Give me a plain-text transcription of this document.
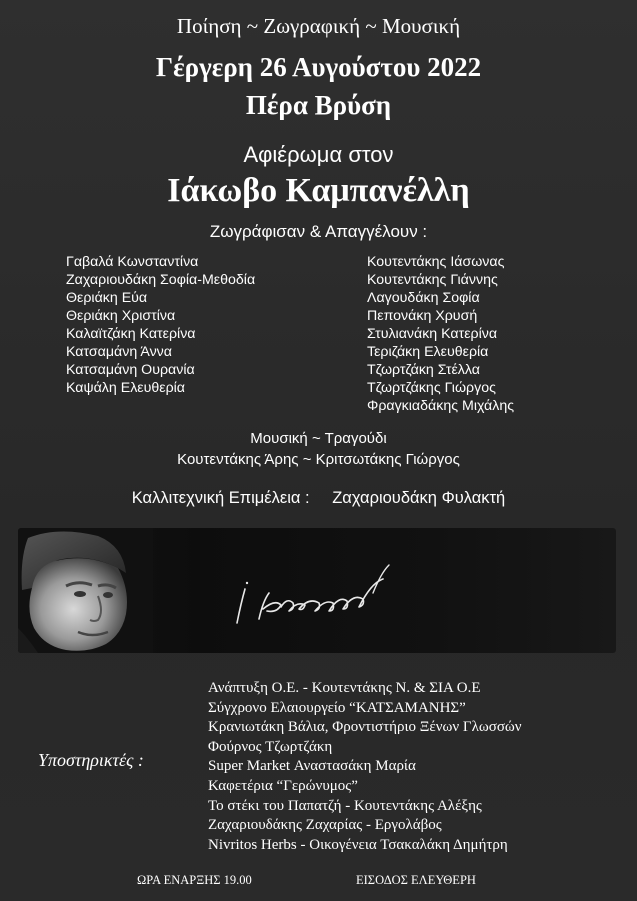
Ποίηση ~ Ζωγραφική ~ Μουσική
Γέργερη 26 Αυγούστου 2022
Πέρα Βρύση
Αφιέρωμα στον
Ιάκωβο Καμπανέλλη
Ζωγράφισαν & Απαγγέλουν :
Γαβαλά Κωνσταντίνα
Ζαχαριουδάκη Σοφία-Μεθοδία
Θεριάκη Εύα
Θεριάκη Χριστίνα
Καλαϊτζάκη Κατερίνα
Κατσαμάνη Άννα
Κατσαμάνη Ουρανία
Καψάλη Ελευθερία
Κουτεντάκης Ιάσωνας
Κουτεντάκης Γιάννης
Λαγουδάκη Σοφία
Πεπονάκη Χρυσή
Στυλιανάκη Κατερίνα
Τεριζάκη Ελευθερία
Τζωρτζάκη Στέλλα
Τζωρτζάκης Γιώργος
Φραγκιαδάκης Μιχάλης
Μουσική ~ Τραγούδι
Κουτεντάκης Άρης ~ Κριτσωτάκης Γιώργος
Καλλιτεχνική Επιμέλεια : Ζαχαριουδάκη Φυλακτή
Υποστηρικτές :
Ανάπτυξη Ο.Ε. - Κουτεντάκης Ν. & ΣΙΑ Ο.Ε
Σύγχρονο Ελαιουργείο “ΚΑΤΣΑΜΑΝΗΣ”
Κρανιωτάκη Βάλια, Φροντιστήριο Ξένων Γλωσσών
Φούρνος Τζωρτζάκη
Super Market Αναστασάκη Μαρία
Καφετέρια “Γερώνυμος”
Το στέκι του Παπατζή - Κουτεντάκης Αλέξης
Ζαχαριουδάκης Ζαχαρίας - Εργολάβος
Nivritos Herbs - Οικογένεια Τσακαλάκη Δημήτρη
ΩΡΑ ΕΝΑΡΞΗΣ 19.00	ΕΙΣΟΔΟΣ ΕΛΕΥΘΕΡΗ
